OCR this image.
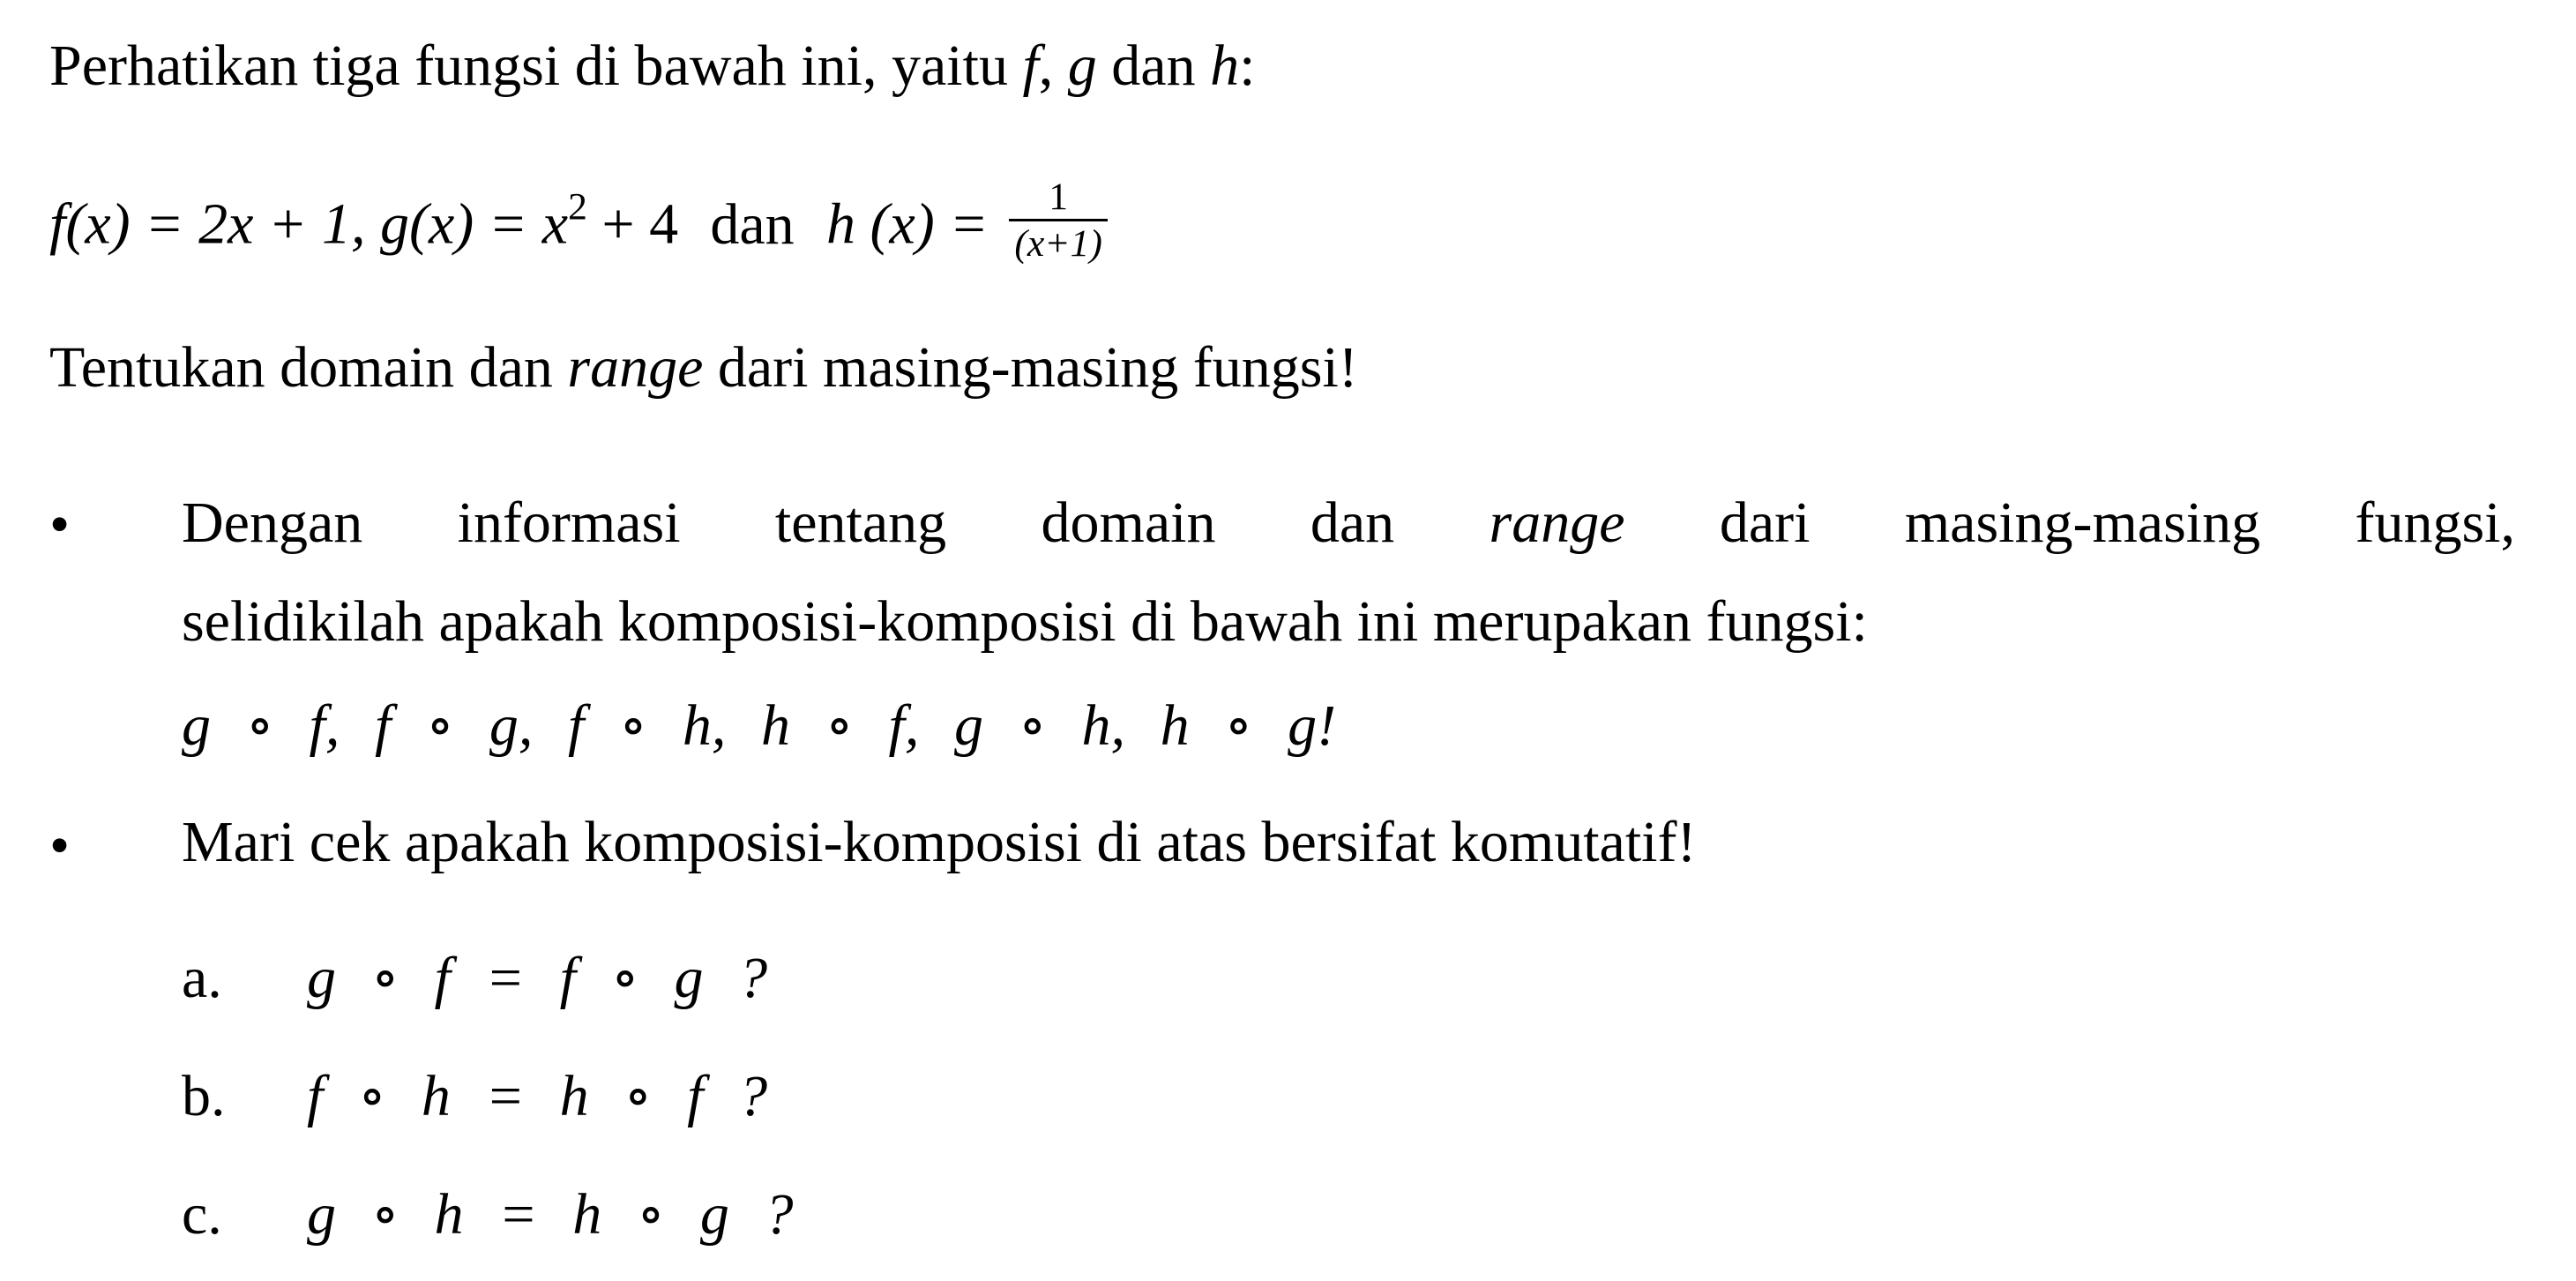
Perhatikan tiga fungsi di bawah ini, yaitu f, g dan h:
f(x) = 2x + 1, $g(x) = x^2 + 4$ dan h $(x) = \frac{1}{(x+1)}$
Tentukan domain dan range dari masing-masing fungsi!
• Dengan informasi tentang domain dan range dari masing-masing fungsi,
selidikilah apakah komposisi-komposisi di bawah ini merupakan fungsi:
g ∘ f, f ∘ g, f ∘ h, h ∘ f, g ∘ h, h ∘ g!
• Mari cek apakah komposisi-komposisi di atas bersifat komutatif!
a. g ∘ f = f ∘ g ?
b. f ∘ h = h ∘ f ?
c. g ∘ h = h ∘ g ?
